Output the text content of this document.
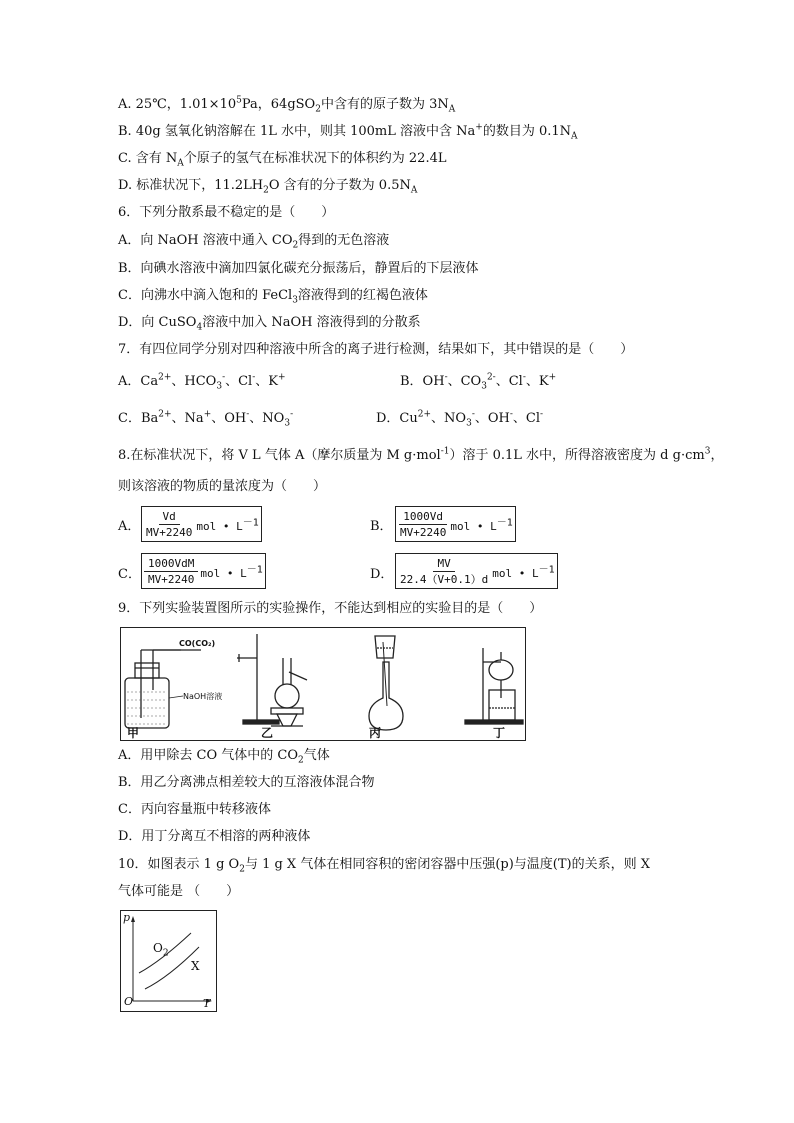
A. 25℃，$1.01\times 10^5Pa$，64gSO$_2$中含有的原子数为 $3N_A$
B. 40g 氢氧化钠溶解在 1L 水中，则其 100mL 溶液中含 Na+的数目为 $0.1N_A$
C. 含有 $N_A$个原子的氢气在标准状况下的体积约为 22.4L
D. 标准状况下，$11.2LH_2O$ 含有的分子数为 $0.5N_A$
6．下列分散系最不稳定的是（　　）
A．向 NaOH 溶液中通入 $CO_2$得到的无色溶液
B．向碘水溶液中滴加四氯化碳充分振荡后，静置后的下层液体
C．向沸水中滴入饱和的 FeCl$_3$溶液得到的红褐色液体
D．向 CuSO$_4$溶液中加入 NaOH 溶液得到的分散系
7．有四位同学分别对四种溶液中所含的离子进行检测，结果如下，其中错误的是（　　）
A．$Ca^{2+}$、$HCO_3^-$、Cl-、K+	B．OH-、$CO_3^{2-}$、Cl-、K+
C．$Ba^{2+}$、Na+、OH-、$NO_3^-$	D．$Cu^{2+}$、$NO_3^-$、OH-、Cl-
8.在标准状况下，将 V L 气体 A（摩尔质量为 M g·mol$^{-1}$）溶于 0.1L 水中，所得溶液密度为 d $g\cdot cm^3$，
则该溶液的物质的量浓度为（　　）
A． $\frac{Vd}{MV+2240}$ mol • $L^{-1}$	B． $\frac{1000Vd}{MV+2240}$ mol • $L^{-1}$
C． $\frac{\text{1000VdM}}{MV+2240}$ mol • $L^{-1}$	D． $\frac{MV}{22.4(V+0.1)d}$ mol • $L^{-1}$
9．下列实验装置图所示的实验操作，不能达到相应的实验目的是（　　）
CO(CO₂)
NaOH溶液
甲	乙	丙	丁
A．用甲除去 CO 气体中的 $CO_2$气体
B．用乙分离沸点相差较大的互溶液体混合物
C．丙向容量瓶中转移液体
D．用丁分离互不相溶的两种液体
10．如图表示 1 g $O_2$与 1 g X 气体在相同容积的密闭容器中压强(p)与温度(T)的关系，则 X
气体可能是 （　　）
p
O	T
$O_2$
X
